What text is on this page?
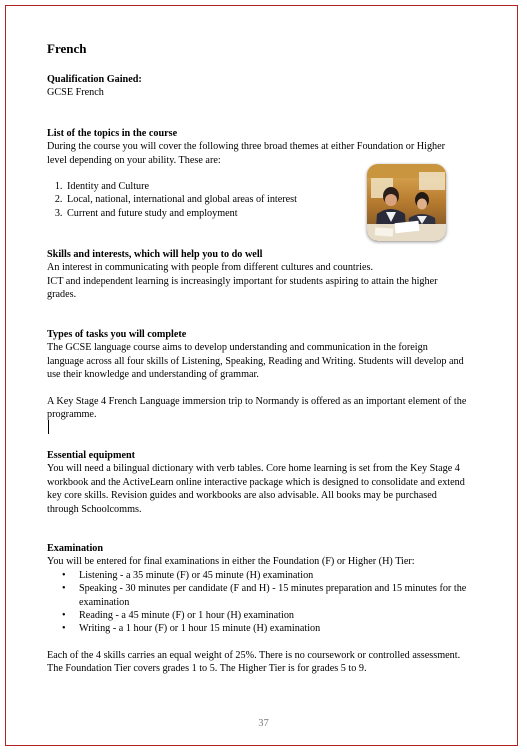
French

Qualification Gained:

GCSE French

List of the topics in the course

During the course you will cover the following three broad themes at either Foundation or Higher level depending on your ability. These are:

1. Identity and Culture
2. Local, national, international and global areas of interest
3. Current and future study and employment

Skills and interests, which will help you to do well

An interest in communicating with people from different cultures and countries.

ICT and independent learning is increasingly important for students aspiring to attain the higher grades.

Types of tasks you will complete

The GCSE language course aims to develop understanding and communication in the foreign language across all four skills of Listening, Speaking, Reading and Writing. Students will develop and use their knowledge and understanding of grammar.

A Key Stage 4 French Language immersion trip to Normandy is offered as an important element of the programme.

Essential equipment

You will need a bilingual dictionary with verb tables. Core home learning is set from the Key Stage 4 workbook and the ActiveLearn online interactive package which is designed to consolidate and extend key core skills. Revision guides and workbooks are also advisable. All books may be purchased through Schoolcomms.

Examination

You will be entered for final examinations in either the Foundation (F) or Higher (H) Tier:

• Listening - a 35 minute (F) or 45 minute (H) examination
• Speaking - 30 minutes per candidate (F and H) - 15 minutes preparation and 15 minutes for the examination
• Reading - a 45 minute (F) or 1 hour (H) examination
• Writing - a 1 hour (F) or 1 hour 15 minute (H) examination

Each of the 4 skills carries an equal weight of 25%. There is no coursework or controlled assessment. The Foundation Tier covers grades 1 to 5. The Higher Tier is for grades 5 to 9.

37
